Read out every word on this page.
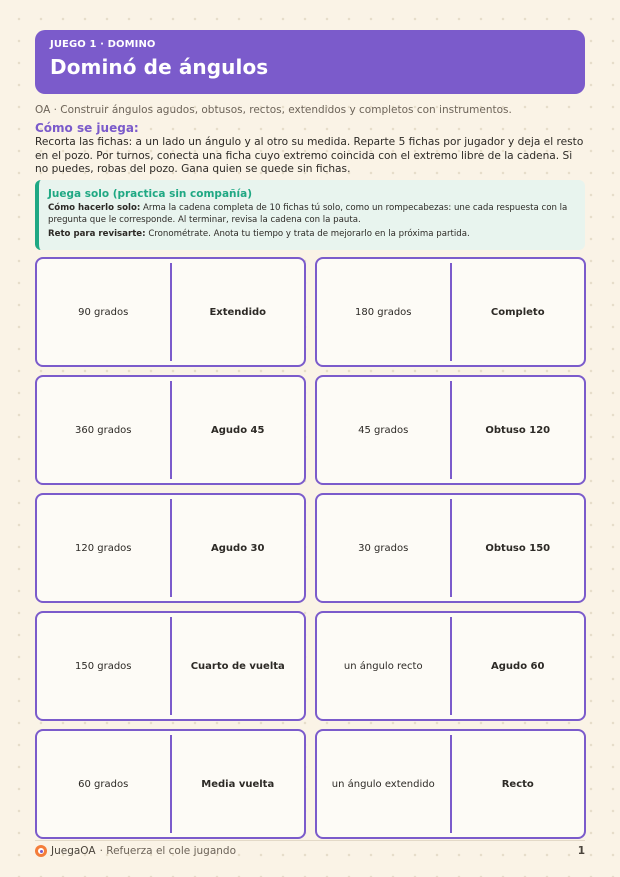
JUEGO 1 · DOMINO
Dominó de ángulos
OA · Construir ángulos agudos, obtusos, rectos, extendidos y completos con instrumentos.
Cómo se juega:
Recorta las fichas: a un lado un ángulo y al otro su medida. Reparte 5 fichas por jugador y deja el resto en el pozo. Por turnos, conecta una ficha cuyo extremo coincida con el extremo libre de la cadena. Si no puedes, robas del pozo. Gana quien se quede sin fichas.
Juega solo (practica sin compañía)

Cómo hacerlo solo: Arma la cadena completa de 10 fichas tú solo, como un rompecabezas: une cada respuesta con la pregunta que le corresponde. Al terminar, revisa la cadena con la pauta.

Reto para revisarte: Cronométrate. Anota tu tiempo y trata de mejorarlo en la próxima partida.

90 grados	Extendido	180 grados	Completo
360 grados	Agudo 45	45 grados	Obtuso 120
120 grados	Agudo 30	30 grados	Obtuso 150
150 grados	Cuarto de vuelta	un ángulo recto	Agudo 60
60 grados	Media vuelta	un ángulo extendido	Recto
JuegaOA · Refuerza el cole jugando	1
